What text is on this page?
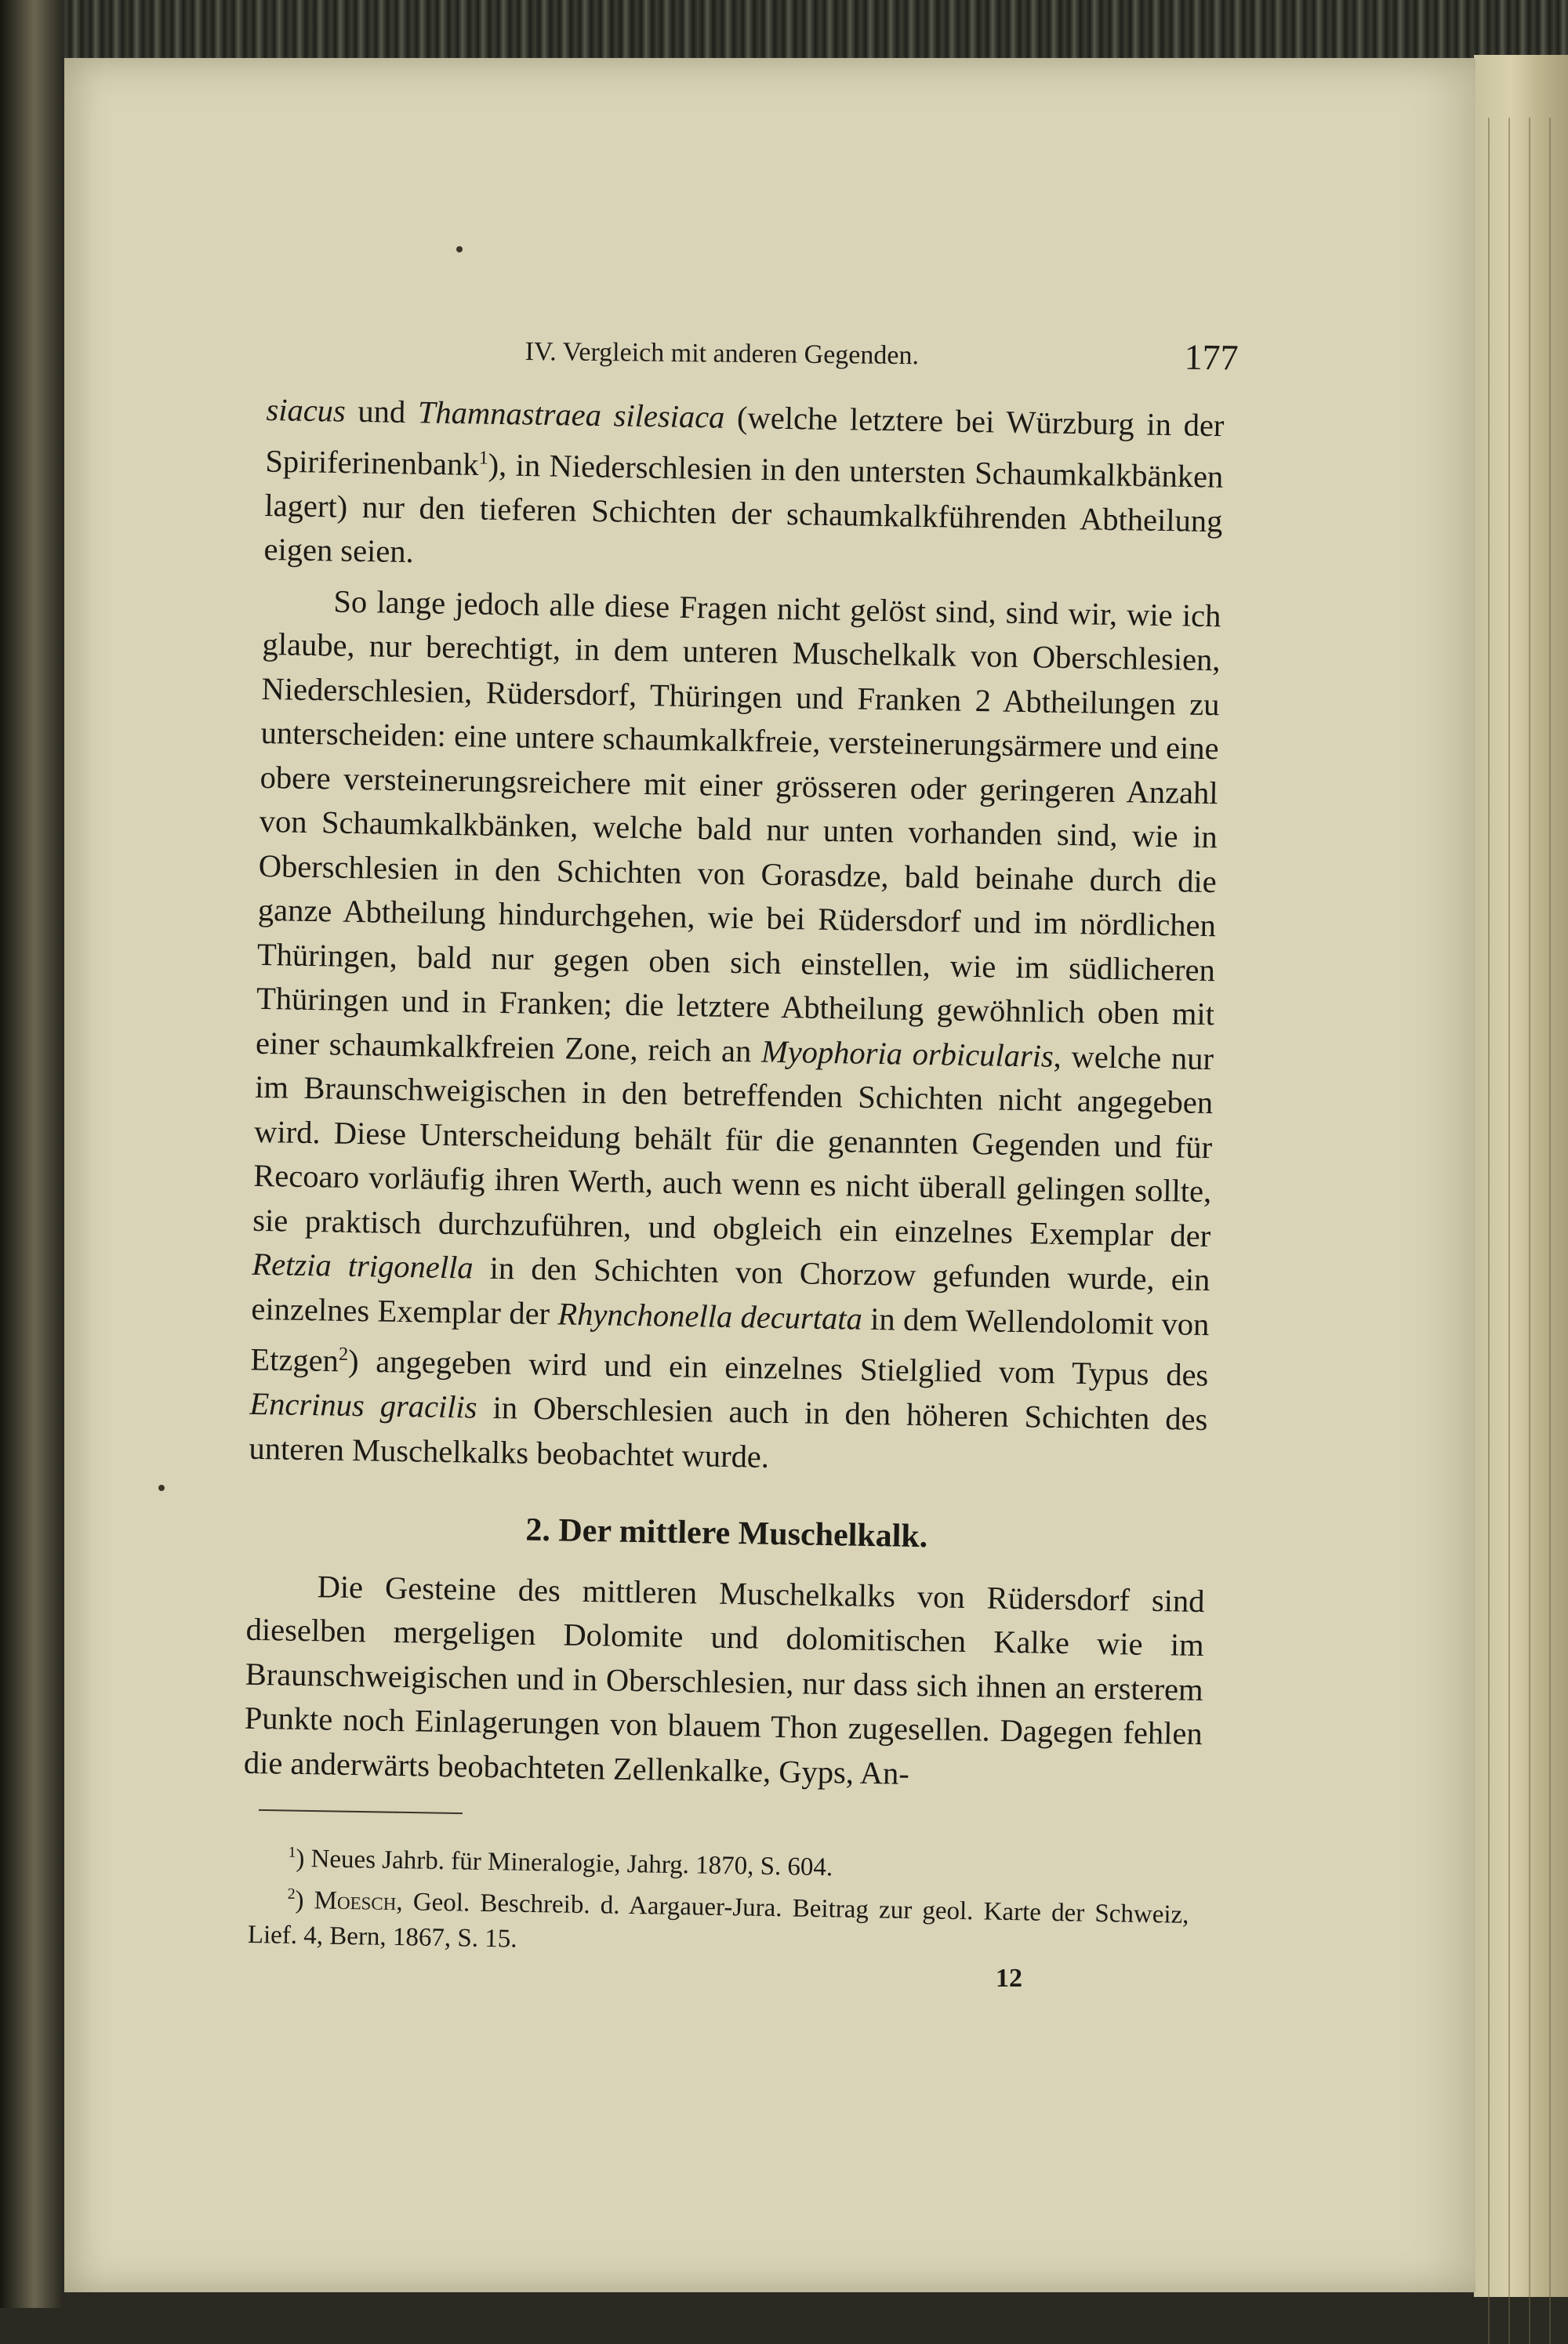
IV. Vergleich mit anderen Gegenden.	177

siacus und Thamnastraea silesiaca (welche letztere bei Würzburg in der Spiriferinenbank$^1$), in Niederschlesien in den untersten Schaumkalkbänken lagert) nur den tieferen Schichten der schaumkalkführenden Abtheilung eigen seien.

So lange jedoch alle diese Fragen nicht gelöst sind, sind wir, wie ich glaube, nur berechtigt, in dem unteren Muschelkalk von Oberschlesien, Niederschlesien, Rüdersdorf, Thüringen und Franken 2 Abtheilungen zu unterscheiden: eine untere schaumkalkfreie, versteinerungsärmere und eine obere versteinerungsreichere mit einer grösseren oder geringeren Anzahl von Schaumkalkbänken, welche bald nur unten vorhanden sind, wie in Oberschlesien in den Schichten von Gorasdze, bald beinahe durch die ganze Abtheilung hindurchgehen, wie bei Rüdersdorf und im nördlichen Thüringen, bald nur gegen oben sich einstellen, wie im südlicheren Thüringen und in Franken; die letztere Abtheilung gewöhnlich oben mit einer schaumkalkfreien Zone, reich an Myophoria orbicularis, welche nur im Braunschweigischen in den betreffenden Schichten nicht angegeben wird. Diese Unterscheidung behält für die genannten Gegenden und für Recoaro vorläufig ihren Werth, auch wenn es nicht überall gelingen sollte, sie praktisch durchzuführen, und obgleich ein einzelnes Exemplar der Retzia trigonella in den Schichten von Chorzow gefunden wurde, ein einzelnes Exemplar der Rhynchonella decurtata in dem Wellendolomit von Etzgen$^2$) angegeben wird und ein einzelnes Stielglied vom Typus des Encrinus gracilis in Oberschlesien auch in den höheren Schichten des unteren Muschelkalks beobachtet wurde.

2. Der mittlere Muschelkalk.

Die Gesteine des mittleren Muschelkalks von Rüdersdorf sind dieselben mergeligen Dolomite und dolomitischen Kalke wie im Braunschweigischen und in Oberschlesien, nur dass sich ihnen an ersterem Punkte noch Einlagerungen von blauem Thon zugesellen. Dagegen fehlen die anderwärts beobachteten Zellenkalke, Gyps, An-

$^1$) Neues Jahrb. für Mineralogie, Jahrg. 1870, S. 604.

$^2$) Moesch, Geol. Beschreib. d. Aargauer-Jura. Beitrag zur geol. Karte der Schweiz, Lief. 4, Bern, 1867, S. 15.

12
